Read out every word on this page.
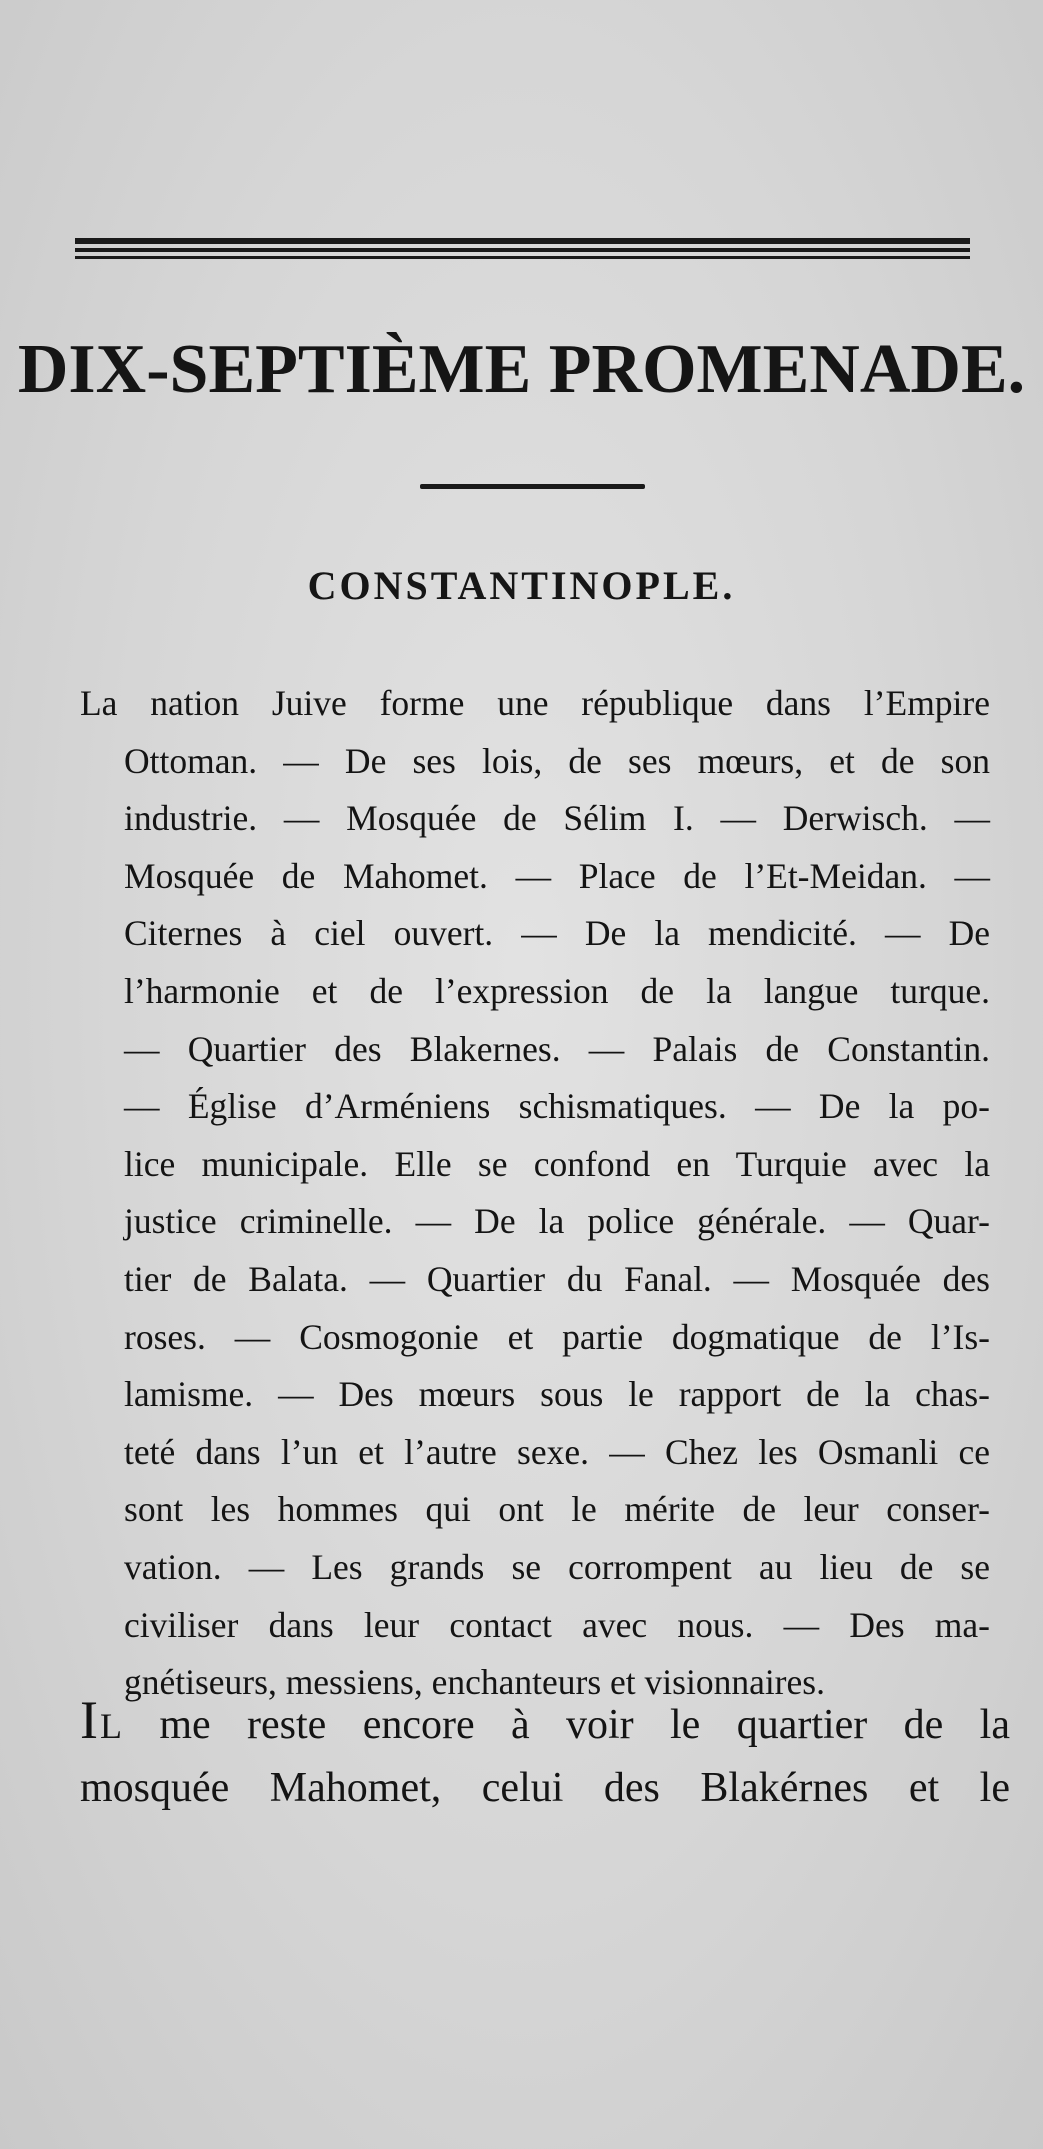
DIX-SEPTIÈME PROMENADE.
CONSTANTINOPLE.
La nation Juive forme une république dans l’Empire
Ottoman. — De ses lois, de ses mœurs, et de son
industrie. — Mosquée de Sélim I. — Derwisch. —
Mosquée de Mahomet. — Place de l’Et-Meidan. —
Citernes à ciel ouvert. — De la mendicité. — De
l’harmonie et de l’expression de la langue turque.
— Quartier des Blakernes. — Palais de Constantin.
— Église d’Arméniens schismatiques. — De la po-
lice municipale. Elle se confond en Turquie avec la
justice criminelle. — De la police générale. — Quar-
tier de Balata. — Quartier du Fanal. — Mosquée des
roses. — Cosmogonie et partie dogmatique de l’Is-
lamisme. — Des mœurs sous le rapport de la chas-
teté dans l’un et l’autre sexe. — Chez les Osmanli ce
sont les hommes qui ont le mérite de leur conser-
vation. — Les grands se corrompent au lieu de se
civiliser dans leur contact avec nous. — Des ma-
gnétiseurs, messiens, enchanteurs et visionnaires.
IL me reste encore à voir le quartier de la
mosquée Mahomet, celui des Blakérnes et le
